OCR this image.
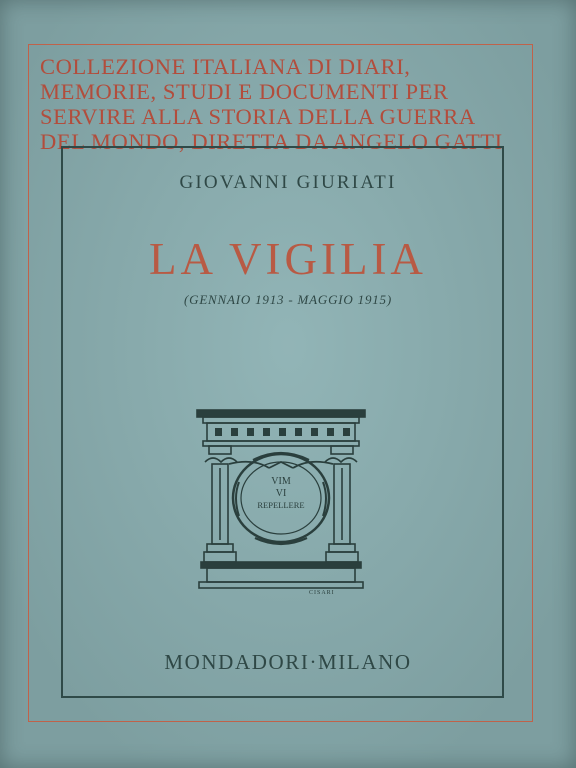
COLLEZIONE ITALIANA DI DIARI,
MEMORIE, STUDI E DOCUMENTI PER
SERVIRE ALLA STORIA DELLA GUERRA
DEL MONDO, DIRETTA DA ANGELO GATTI
GIOVANNI GIURIATI
LA VIGILIA
(GENNAIO 1913 - MAGGIO 1915)
VIM
VI
REPELLERE
CISARI
MONDADORI·MILANO
